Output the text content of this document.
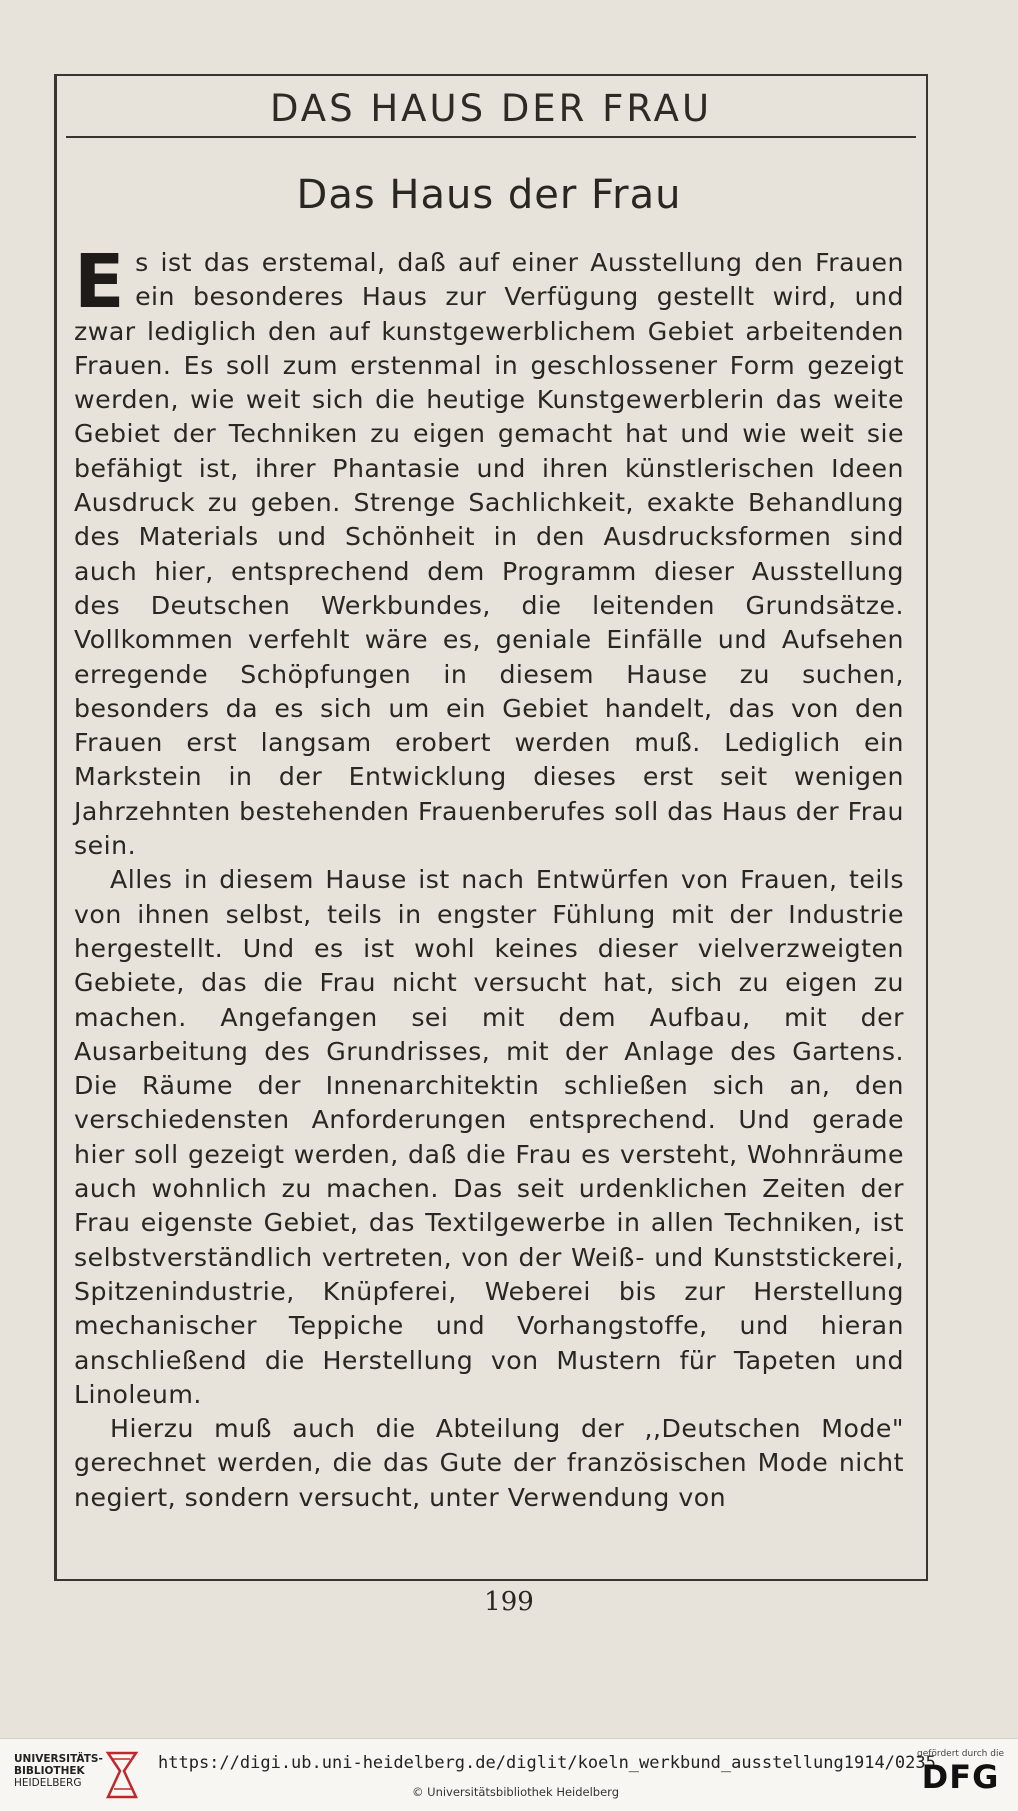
DAS HAUS DER FRAU
Das Haus der Frau

Es ist das erstemal, daß auf einer Ausstellung den Frauen ein besonderes Haus zur Verfügung gestellt wird, und zwar lediglich den auf kunstgewerblichem Gebiet arbeitenden Frauen. Es soll zum erstenmal in geschlossener Form gezeigt werden, wie weit sich die heutige Kunstgewerblerin das weite Gebiet der Techniken zu eigen gemacht hat und wie weit sie befähigt ist, ihrer Phantasie und ihren künstlerischen Ideen Ausdruck zu geben. Strenge Sachlichkeit, exakte Behandlung des Materials und Schönheit in den Ausdrucksformen sind auch hier, entsprechend dem Programm dieser Ausstellung des Deutschen Werkbundes, die leitenden Grundsätze. Vollkommen verfehlt wäre es, geniale Einfälle und Aufsehen erregende Schöpfungen in diesem Hause zu suchen, besonders da es sich um ein Gebiet handelt, das von den Frauen erst langsam erobert werden muß. Lediglich ein Markstein in der Entwicklung dieses erst seit wenigen Jahrzehnten bestehenden Frauenberufes soll das Haus der Frau sein.

Alles in diesem Hause ist nach Entwürfen von Frauen, teils von ihnen selbst, teils in engster Fühlung mit der Industrie hergestellt. Und es ist wohl keines dieser vielverzweigten Gebiete, das die Frau nicht versucht hat, sich zu eigen zu machen. Angefangen sei mit dem Aufbau, mit der Ausarbeitung des Grundrisses, mit der Anlage des Gartens. Die Räume der Innenarchitektin schließen sich an, den verschiedensten Anforderungen entsprechend. Und gerade hier soll gezeigt werden, daß die Frau es versteht, Wohnräume auch wohnlich zu machen. Das seit urdenklichen Zeiten der Frau eigenste Gebiet, das Textilgewerbe in allen Techniken, ist selbstverständlich vertreten, von der Weiß- und Kunststickerei, Spitzenindustrie, Knüpferei, Weberei bis zur Herstellung mechanischer Teppiche und Vorhangstoffe, und hieran anschließend die Herstellung von Mustern für Tapeten und Linoleum.

Hierzu muß auch die Abteilung der ,,Deutschen Mode" gerechnet werden, die das Gute der französischen Mode nicht negiert, sondern versucht, unter Verwendung von

199
UNIVERSITÄTS-
BIBLIOTHEK
HEIDELBERG
https://digi.ub.uni-heidelberg.de/diglit/koeln_werkbund_ausstellung1914/0235
© Universitätsbibliothek Heidelberg
gefördert durch die
DFG
